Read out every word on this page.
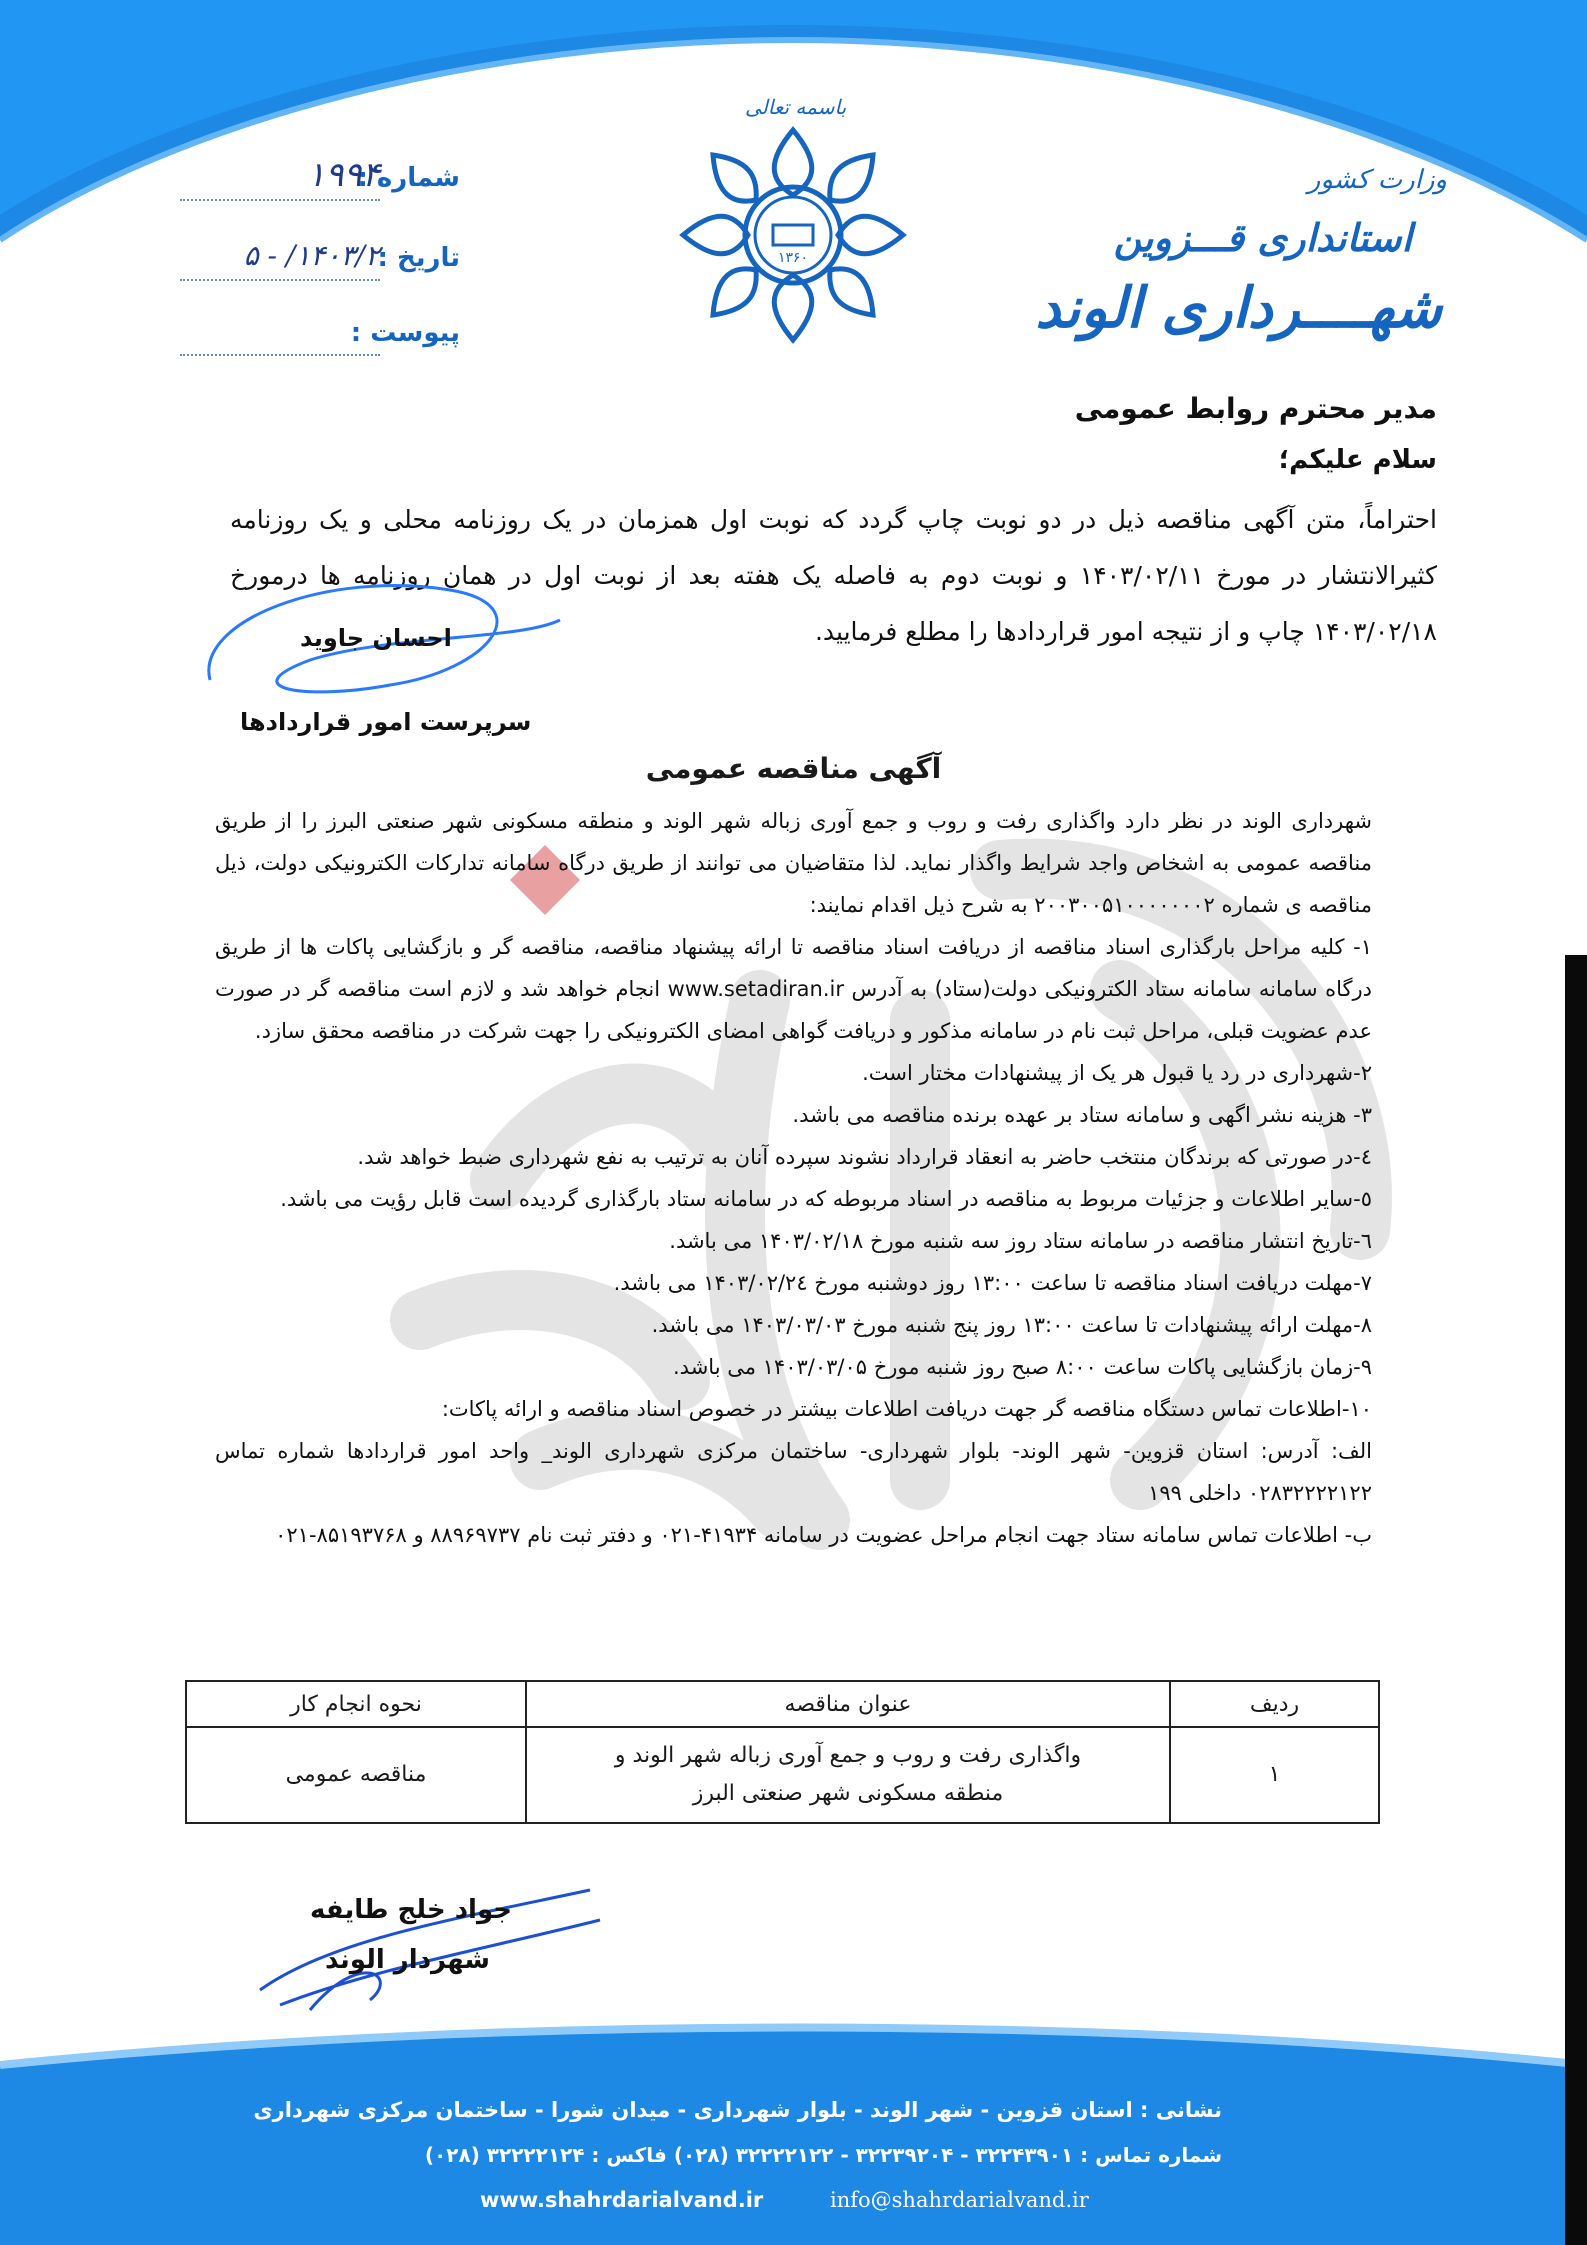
شماره :
۱۹۹۴
تاریخ :
۱۴۰۳/۲/ - ۵
پیوست :
باسمه تعالی
۱۳۶۰
وزارت کشور
استانداری قـــزوین
شهــــرداری الوند
مدیر محترم روابط عمومی
سلام علیکم؛
احتراماً، متن آگهی مناقصه ذیل در دو نوبت چاپ گردد که نوبت اول همزمان در یک روزنامه محلی و یک روزنامه کثیرالانتشار در مورخ ۱۴۰۳/۰۲/۱۱ و نوبت دوم به فاصله یک هفته بعد از نوبت اول در همان روزنامه ها درمورخ ۱۴۰۳/۰۲/۱۸ چاپ و از نتیجه امور قراردادها را مطلع فرمایید.
احسان جاوید
سرپرست امور قراردادها
آگهی مناقصه عمومی

شهرداری الوند در نظر دارد واگذاری رفت و روب و جمع آوری زباله شهر الوند و منطقه مسکونی شهر صنعتی البرز را از طریق مناقصه عمومی به اشخاص واجد شرایط واگذار نماید. لذا متقاضیان می توانند از طریق درگاه سامانه تدارکات الکترونیکی دولت، ذیل مناقصه ی شماره ۲۰۰۳۰۰۵۱۰۰۰۰۰۰۰۲ به شرح ذیل اقدام نمایند:

۱- کلیه مراحل بارگذاری اسناد مناقصه از دریافت اسناد مناقصه تا ارائه پیشنهاد مناقصه، مناقصه گر و بازگشایی پاکات ها از طریق درگاه سامانه سامانه ستاد الکترونیکی دولت(ستاد) به آدرس www.setadiran.ir انجام خواهد شد و لازم است مناقصه گر در صورت عدم عضویت قبلی، مراحل ثبت نام در سامانه مذکور و دریافت گواهی امضای الکترونیکی را جهت شرکت در مناقصه محقق سازد.

۲-شهرداری در رد یا قبول هر یک از پیشنهادات مختار است.

۳- هزینه نشر اگهی و سامانه ستاد بر عهده برنده مناقصه می باشد.

٤-در صورتی که برندگان منتخب حاضر به انعقاد قرارداد نشوند سپرده آنان به ترتیب به نفع شهرداری ضبط خواهد شد.

٥-سایر اطلاعات و جزئیات مربوط به مناقصه در اسناد مربوطه که در سامانه ستاد بارگذاری گردیده است قابل رؤیت می باشد.

٦-تاریخ انتشار مناقصه در سامانه ستاد روز سه شنبه مورخ ۱۴۰۳/۰۲/۱۸ می باشد.

۷-مهلت دریافت اسناد مناقصه تا ساعت ۱۳:۰۰ روز دوشنبه مورخ ۱۴۰۳/۰۲/۲٤ می باشد.

۸-مهلت ارائه پیشنهادات تا ساعت ۱۳:۰۰ روز پنج شنبه مورخ ۱۴۰۳/۰۳/۰۳ می باشد.

۹-زمان بازگشایی پاکات ساعت ۸:۰۰ صبح روز شنبه مورخ ۱۴۰۳/۰۳/۰۵ می باشد.

۱۰-اطلاعات تماس دستگاه مناقصه گر جهت دریافت اطلاعات بیشتر در خصوص اسناد مناقصه و ارائه پاکات:

الف: آدرس: استان قزوین- شهر الوند- بلوار شهرداری- ساختمان مرکزی شهرداری الوند_ واحد امور قراردادها شماره تماس ۰۲۸۳۲۲۲۲۱۲۲ داخلی ۱۹۹

ب- اطلاعات تماس سامانه ستاد جهت انجام مراحل عضویت در سامانه ۴۱۹۳۴-۰۲۱ و دفتر ثبت نام ۸۸۹۶۹۷۳۷ و ۸۵۱۹۳۷۶۸-۰۲۱

ردیف	عنوان مناقصه	نحوه انجام کار
۱	واگذاری رفت و روب و جمع آوری زباله شهر الوند و منطقه مسکونی شهر صنعتی البرز	مناقصه عمومی
جواد خلج طایفه
شهردار الوند
نشانی : استان قزوین - شهر الوند - بلوار شهرداری - میدان شورا - ساختمان مرکزی شهرداری
شماره تماس : ۳۲۲۴۳۹۰۱ - ۳۲۲۳۹۲۰۴ - ۳۲۲۲۲۱۲۲ (۰۲۸) فاکس : ۳۲۲۲۲۱۲۴ (۰۲۸)
www.shahrdarialvand.ir	info@shahrdarialvand.ir
